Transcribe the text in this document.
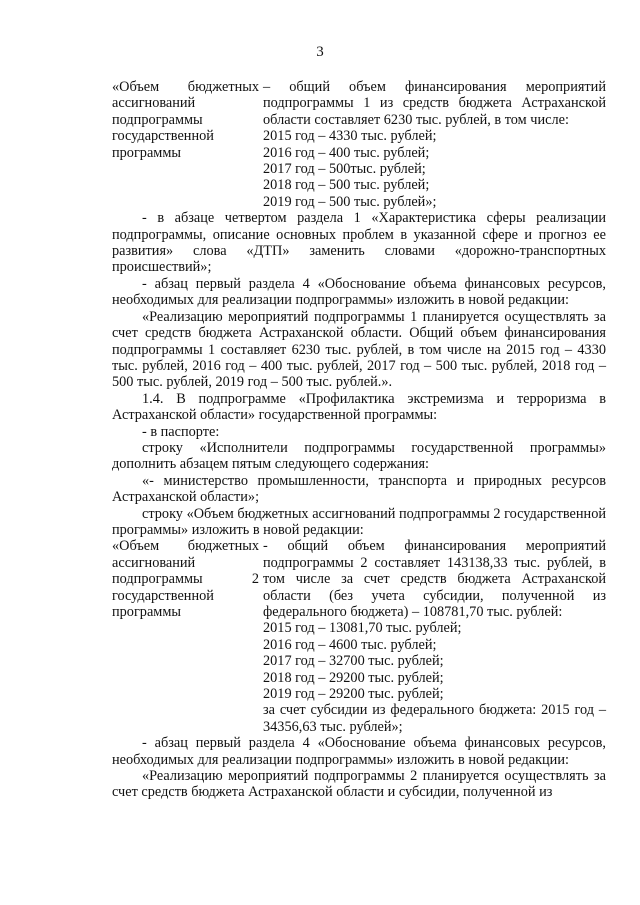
3
«Объем бюджетных ассигнований подпрограммы государственной программы
– общий объем финансирования мероприятий подпрограммы 1 из средств бюджета Астраханской области составляет 6230 тыс. рублей, в том числе:
2015 год – 4330 тыс. рублей;
2016 год – 400 тыс. рублей;
2017 год – 500тыс. рублей;
2018 год – 500 тыс. рублей;
2019 год – 500 тыс. рублей»;

- в абзаце четвертом раздела 1 «Характеристика сферы реализации подпрограммы, описание основных проблем в указанной сфере и прогноз ее развития» слова «ДТП» заменить словами «дорожно-транспортных происшествий»;

- абзац первый раздела 4 «Обоснование объема финансовых ресурсов, необходимых для реализации подпрограммы» изложить в новой редакции:

«Реализацию мероприятий подпрограммы 1 планируется осуществлять за счет средств бюджета Астраханской области. Общий объем финансирования подпрограммы 1 составляет 6230 тыс. рублей, в том числе на 2015 год – 4330 тыс. рублей, 2016 год – 400 тыс. рублей, 2017 год – 500 тыс. рублей, 2018 год – 500 тыс. рублей, 2019 год – 500 тыс. рублей.».

1.4. В подпрограмме «Профилактика экстремизма и терроризма в Астраханской области» государственной программы:

- в паспорте:

строку «Исполнители подпрограммы государственной программы» дополнить абзацем пятым следующего содержания:

«- министерство промышленности, транспорта и природных ресурсов Астраханской области»;

строку «Объем бюджетных ассигнований подпрограммы 2 государственной программы» изложить в новой редакции:

«Объем бюджетных ассигнований подпрограммы 2 государственной программы
- общий объем финансирования мероприятий подпрограммы 2 составляет 143138,33 тыс. рублей, в том числе за счет средств бюджета Астраханской области (без учета субсидии, полученной из федерального бюджета) – 108781,70 тыс. рублей:
2015 год – 13081,70 тыс. рублей;
2016 год – 4600 тыс. рублей;
2017 год – 32700 тыс. рублей;
2018 год – 29200 тыс. рублей;
2019 год – 29200 тыс. рублей;
за счет субсидии из федерального бюджета: 2015 год – 34356,63 тыс. рублей»;

- абзац первый раздела 4 «Обоснование объема финансовых ресурсов, необходимых для реализации подпрограммы» изложить в новой редакции:

«Реализацию мероприятий подпрограммы 2 планируется осуществлять за счет средств бюджета Астраханской области и субсидии, полученной из
